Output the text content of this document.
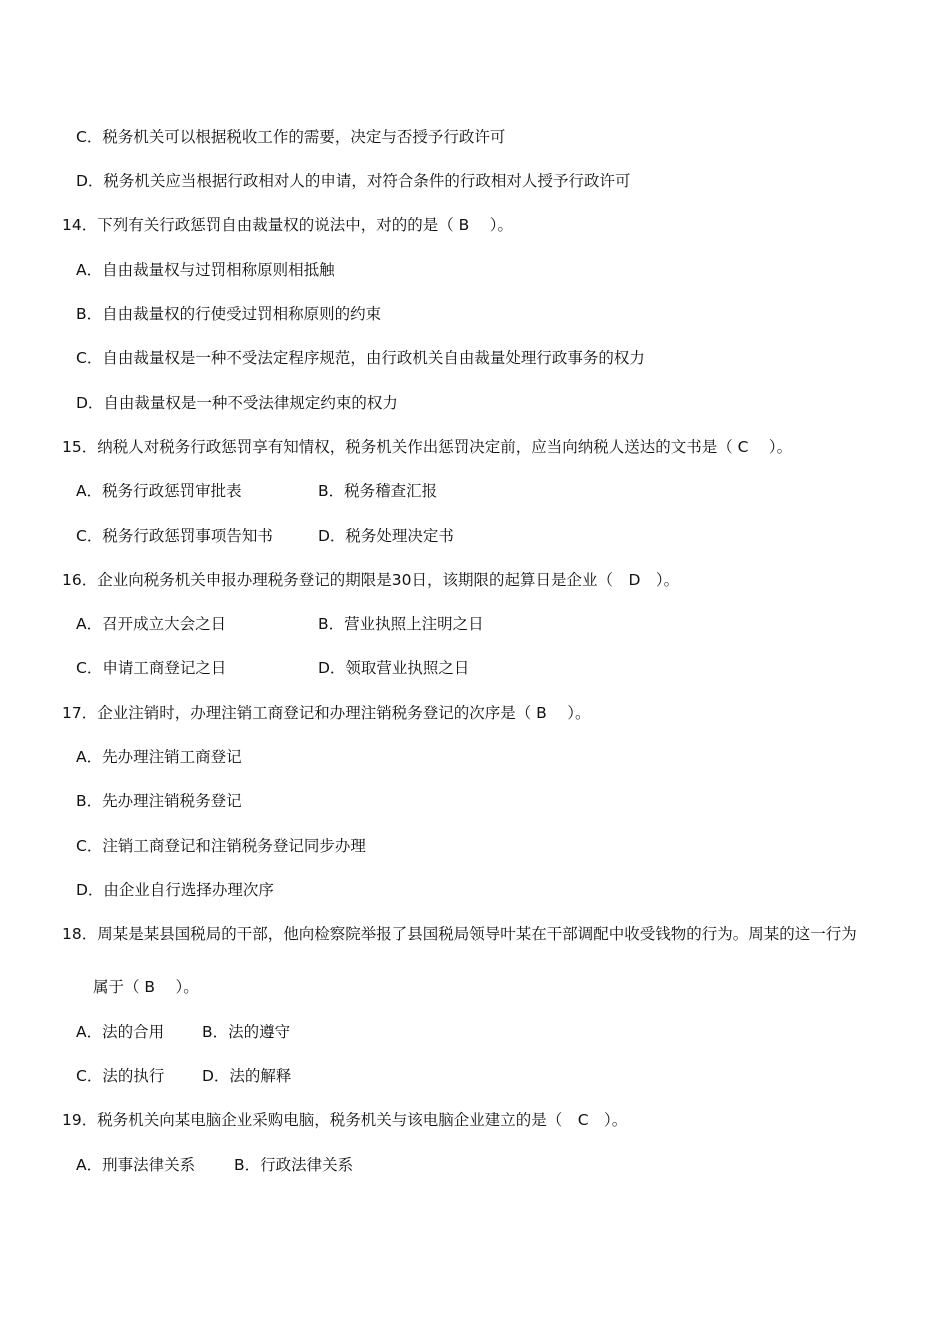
C．税务机关可以根据税收工作的需要，决定与否授予行政许可
D．税务机关应当根据行政相对人的申请，对符合条件的行政相对人授予行政许可
14．下列有关行政惩罚自由裁量权的说法中，对的的是（ B　 ）。
A．自由裁量权与过罚相称原则相抵触
B．自由裁量权的行使受过罚相称原则的约束
C．自由裁量权是一种不受法定程序规范，由行政机关自由裁量处理行政事务的权力
D．自由裁量权是一种不受法律规定约束的权力
15．纳税人对税务行政惩罚享有知情权，税务机关作出惩罚决定前，应当向纳税人送达的文书是（ C　 ）。
A．税务行政惩罚审批表	B．税务稽查汇报
C．税务行政惩罚事项告知书	D．税务处理决定书
16．企业向税务机关申报办理税务登记的期限是30日，该期限的起算日是企业（　D　）。
A．召开成立大会之日	B．营业执照上注明之日
C．申请工商登记之日	D．领取营业执照之日
17．企业注销时，办理注销工商登记和办理注销税务登记的次序是（ B　 ）。
A．先办理注销工商登记
B．先办理注销税务登记
C．注销工商登记和注销税务登记同步办理
D．由企业自行选择办理次序
18．周某是某县国税局的干部，他向检察院举报了县国税局领导叶某在干部调配中收受钱物的行为。周某的这一行为
属于（ B　 ）。
A．法的合用 B．法的遵守
C．法的执行 D．法的解释
19．税务机关向某电脑企业采购电脑，税务机关与该电脑企业建立的是（　C　）。
A．刑事法律关系	B．行政法律关系
